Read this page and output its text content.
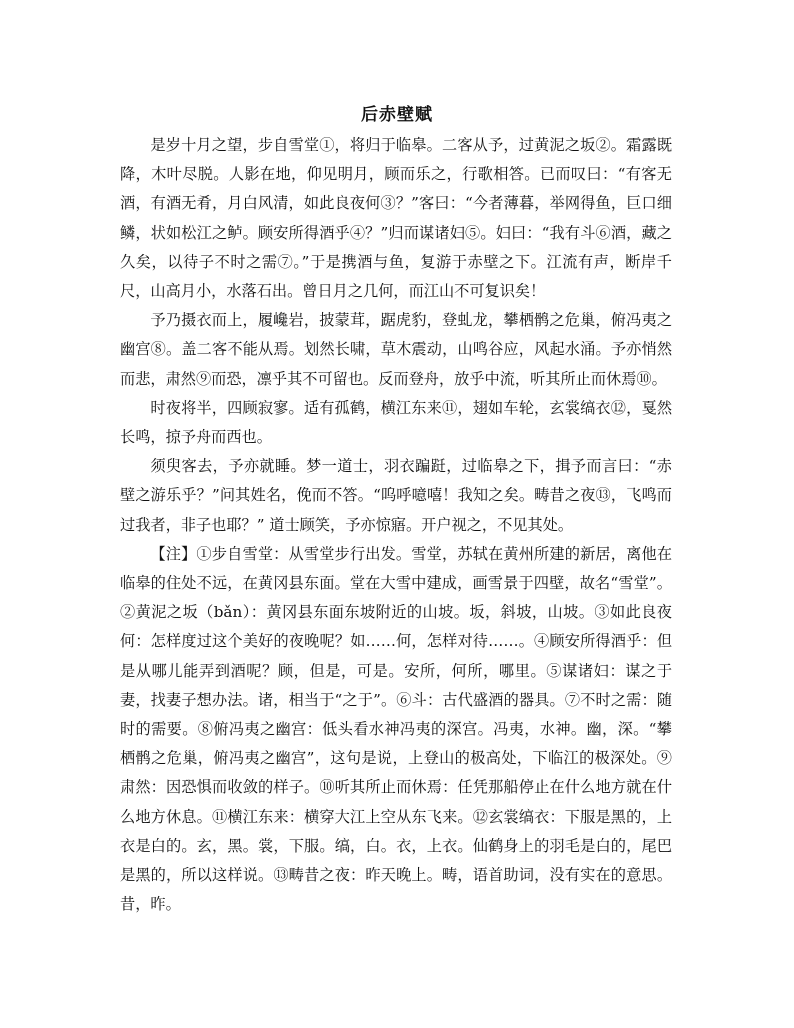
后赤壁赋

是岁十月之望，步自雪堂①，将归于临皋。二客从予，过黄泥之坂②。霜露既降，木叶尽脱。人影在地，仰见明月，顾而乐之，行歌相答。已而叹曰：“有客无酒，有酒无肴，月白风清，如此良夜何③？”客曰：“今者薄暮，举网得鱼，巨口细鳞，状如松江之鲈。顾安所得酒乎④？”归而谋诸妇⑤。妇曰：“我有斗⑥酒，藏之久矣，以待子不时之需⑦。”于是携酒与鱼，复游于赤壁之下。江流有声，断岸千尺，山高月小，水落石出。曾日月之几何，而江山不可复识矣！

予乃摄衣而上，履巉岩，披蒙茸，踞虎豹，登虬龙，攀栖鹘之危巢，俯冯夷之幽宫⑧。盖二客不能从焉。划然长啸，草木震动，山鸣谷应，风起水涌。予亦悄然而悲，肃然⑨而恐，凛乎其不可留也。反而登舟，放乎中流，听其所止而休焉⑩。

时夜将半，四顾寂寥。适有孤鹤，横江东来⑪，翅如车轮，玄裳缟衣⑫，戛然长鸣，掠予舟而西也。

须臾客去，予亦就睡。梦一道士，羽衣蹁跹，过临皋之下，揖予而言曰：“赤壁之游乐乎？”问其姓名，俛而不答。“呜呼噫嘻！我知之矣。畴昔之夜⑬，飞鸣而过我者，非子也耶？” 道士顾笑，予亦惊寤。开户视之，不见其处。

【注】①步自雪堂：从雪堂步行出发。雪堂，苏轼在黄州所建的新居，离他在临皋的住处不远，在黄冈县东面。堂在大雪中建成，画雪景于四壁，故名“雪堂”。②黄泥之坂（bǎn）：黄冈县东面东坡附近的山坡。坂，斜坡，山坡。③如此良夜何：怎样度过这个美好的夜晚呢？如……何，怎样对待……。④顾安所得酒乎：但是从哪儿能弄到酒呢？顾，但是，可是。安所，何所，哪里。⑤谋诸妇：谋之于妻，找妻子想办法。诸，相当于“之于”。⑥斗：古代盛酒的器具。⑦不时之需：随时的需要。⑧俯冯夷之幽宫：低头看水神冯夷的深宫。冯夷，水神。幽，深。“攀栖鹘之危巢，俯冯夷之幽宫”，这句是说，上登山的极高处，下临江的极深处。⑨肃然：因恐惧而收敛的样子。⑩听其所止而休焉：任凭那船停止在什么地方就在什么地方休息。⑪横江东来：横穿大江上空从东飞来。⑫玄裳缟衣：下服是黑的，上衣是白的。玄，黑。裳，下服。缟，白。衣，上衣。仙鹤身上的羽毛是白的，尾巴是黑的，所以这样说。⑬畴昔之夜：昨天晚上。畴，语首助词，没有实在的意思。昔，昨。
